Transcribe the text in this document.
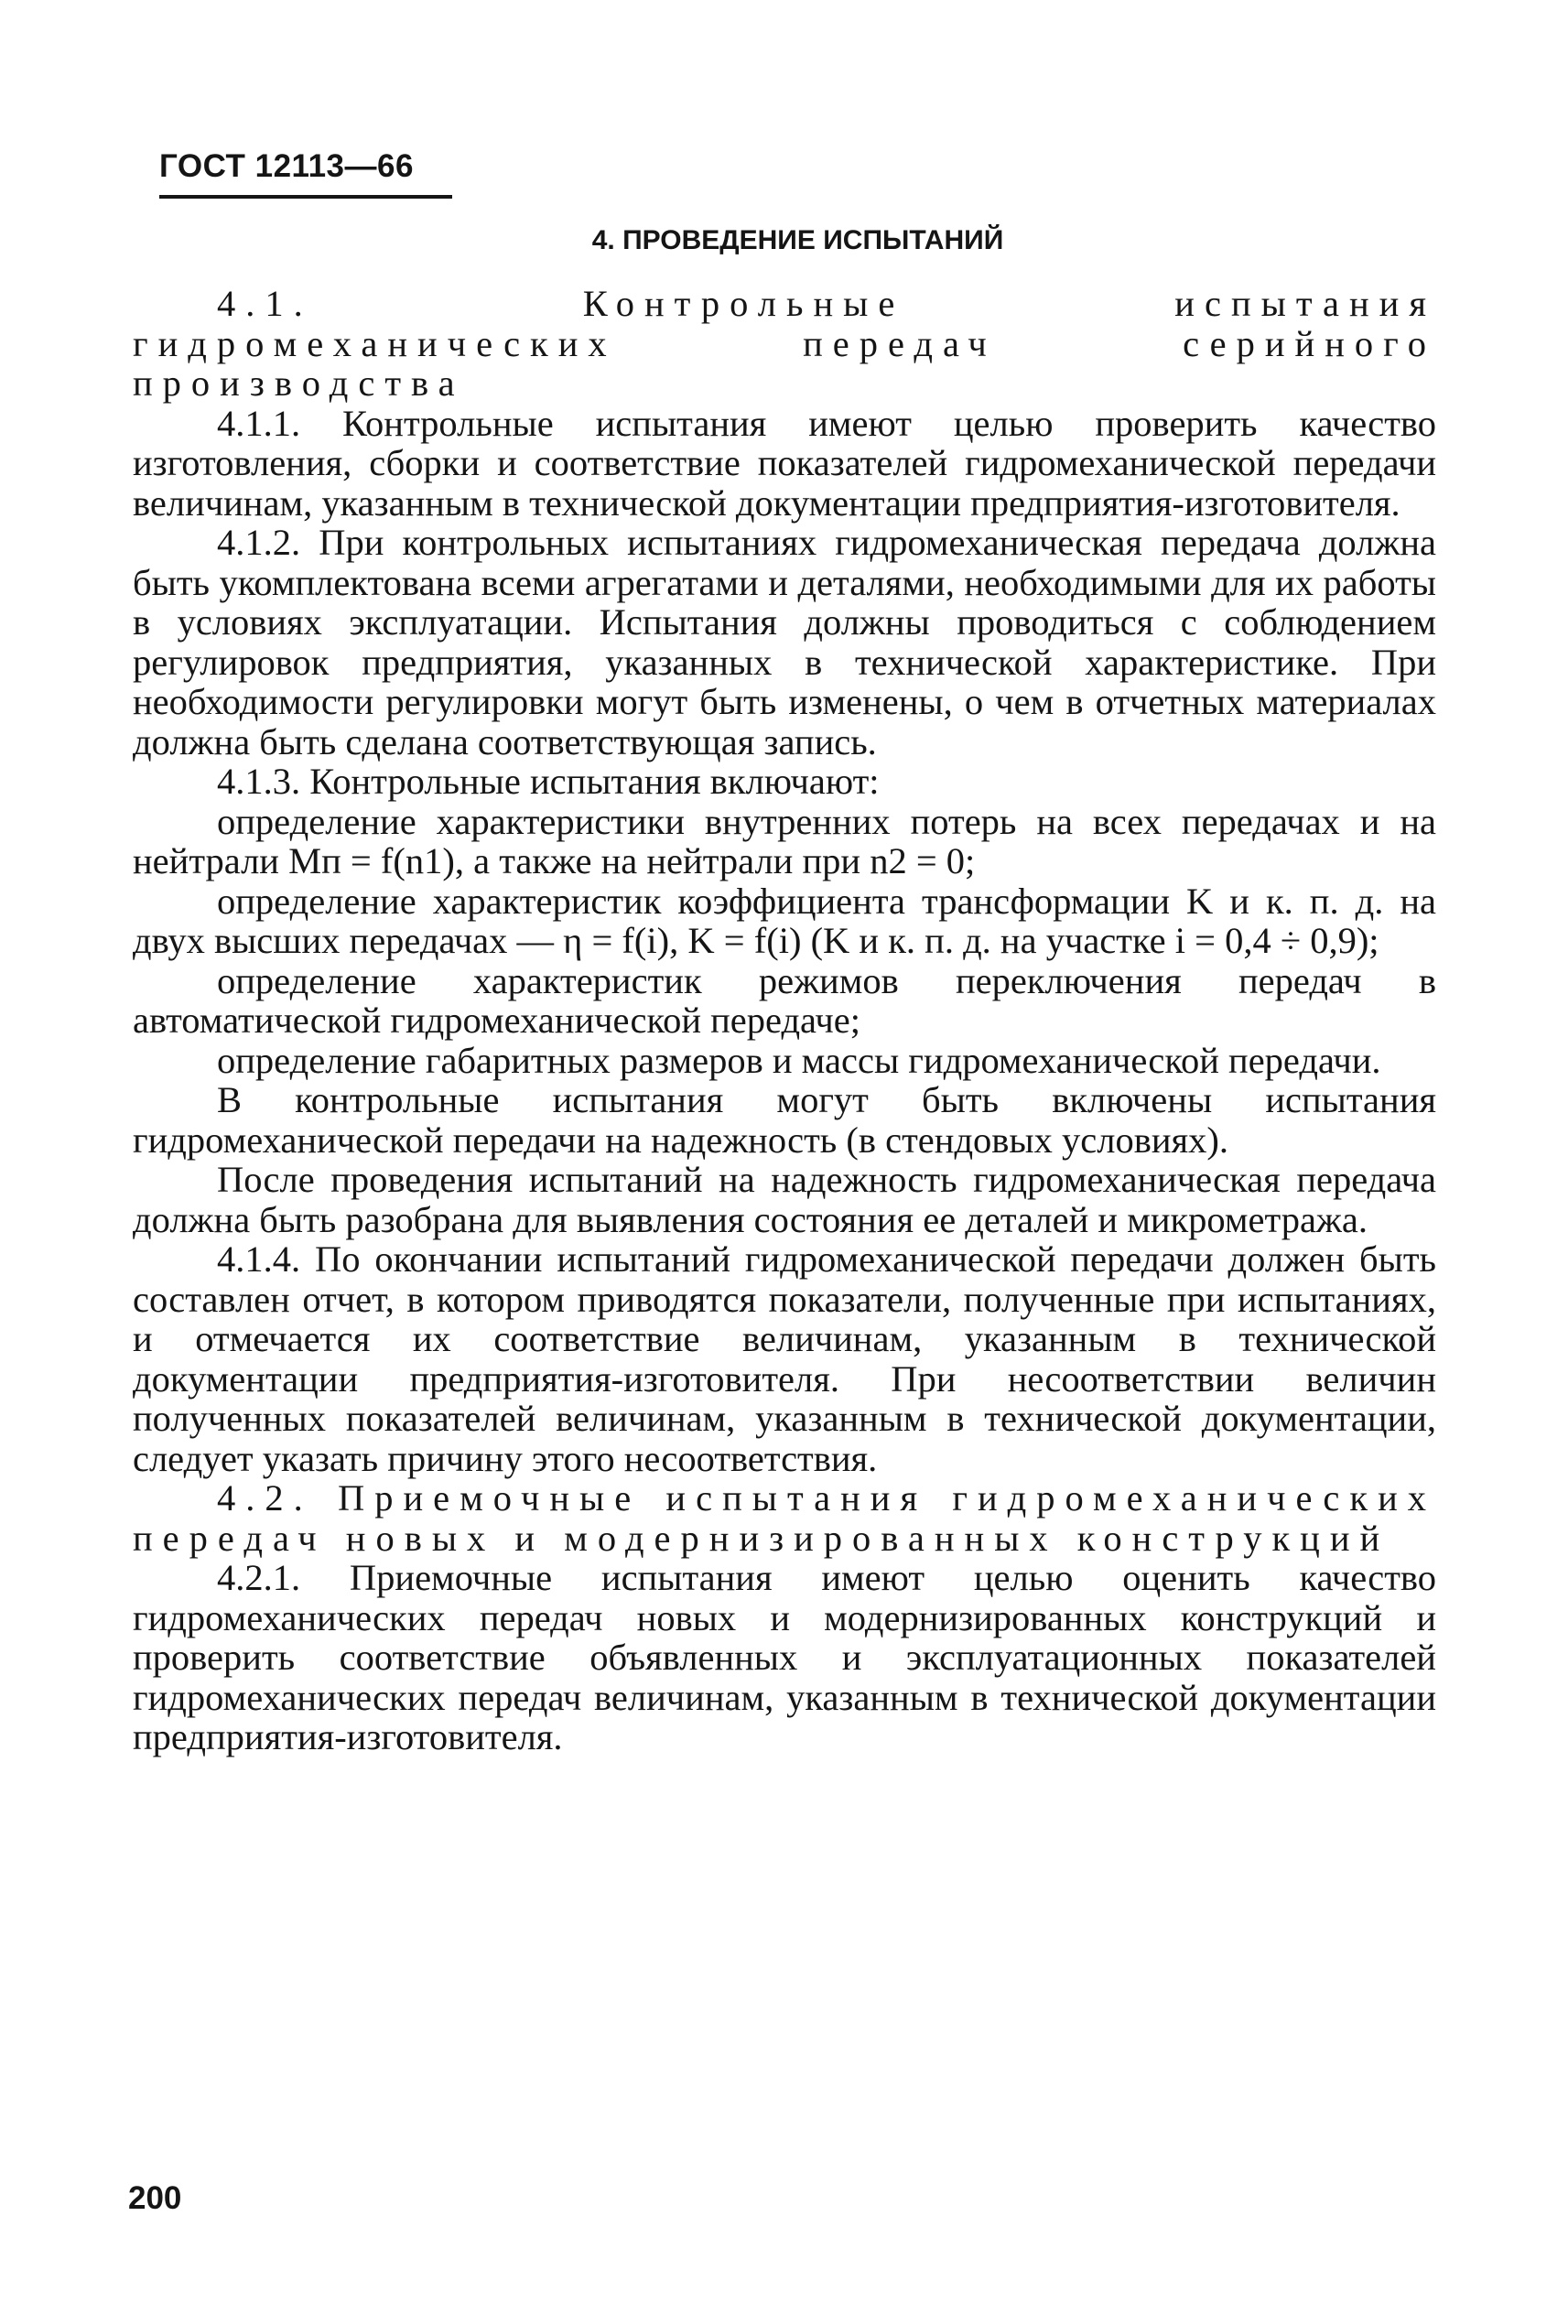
ГОСТ 12113—66
4. ПРОВЕДЕНИЕ ИСПЫТАНИЙ

4.1. Контрольные испытания гидромеханических передач серийного производства

4.1.1. Контрольные испытания имеют целью проверить качество изготовления, сборки и соответствие показателей гидромеханической передачи величинам, указанным в технической документации предприятия-изготовителя.

4.1.2. При контрольных испытаниях гидромеханическая передача должна быть укомплектована всеми агрегатами и деталями, необходимыми для их работы в условиях эксплуатации. Испытания должны проводиться с соблюдением регулировок предприятия, указанных в технической характеристике. При необходимости регулировки могут быть изменены, о чем в отчетных материалах должна быть сделана соответствующая запись.

4.1.3. Контрольные испытания включают:

определение характеристики внутренних потерь на всех передачах и на нейтрали Mп = f(n1), а также на нейтрали при n2 = 0;

определение характеристик коэффициента трансформации K и к. п. д. на двух высших передачах — η = f(i), K = f(i) (K и к. п. д. на участке i = 0,4 ÷ 0,9);

определение характеристик режимов переключения передач в автоматической гидромеханической передаче;

определение габаритных размеров и массы гидромеханической передачи.

В контрольные испытания могут быть включены испытания гидромеханической передачи на надежность (в стендовых условиях).

После проведения испытаний на надежность гидромеханическая передача должна быть разобрана для выявления состояния ее деталей и микрометража.

4.1.4. По окончании испытаний гидромеханической передачи должен быть составлен отчет, в котором приводятся показатели, полученные при испытаниях, и отмечается их соответствие величинам, указанным в технической документации предприятия-изготовителя. При несоответствии величин полученных показателей величинам, указанным в технической документации, следует указать причину этого несоответствия.

4.2. Приемочные испытания гидромеханических передач новых и модернизированных конструкций

4.2.1. Приемочные испытания имеют целью оценить качество гидромеханических передач новых и модернизированных конструкций и проверить соответствие объявленных и эксплуатационных показателей гидромеханических передач величинам, указанным в технической документации предприятия-изготовителя.

200
